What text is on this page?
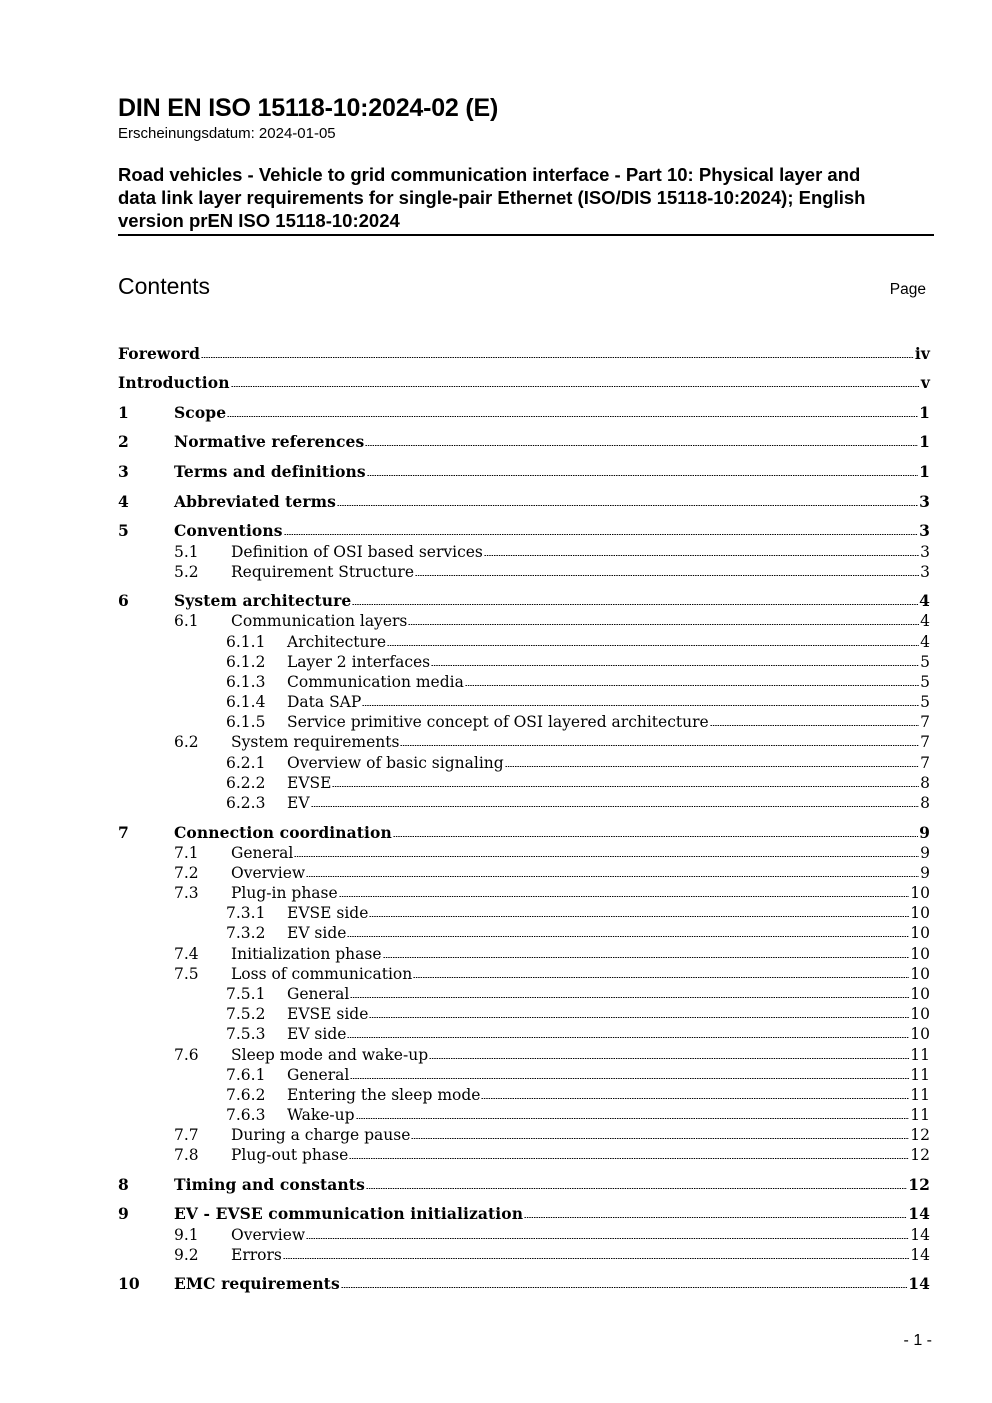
DIN EN ISO 15118-10:2024-02 (E)
Erscheinungsdatum: 2024-01-05
Road vehicles - Vehicle to grid communication interface - Part 10: Physical layer and
data link layer requirements for single-pair Ethernet (ISO/DIS 15118-10:2024); English
version prEN ISO 15118-10:2024
Contents	Page
Foreword	iv
Introduction	v
1	Scope	1
2	Normative references	1
3	Terms and definitions	1
4	Abbreviated terms	3
5	Conventions	3
5.1 Definition of OSI based services	3
5.2 Requirement Structure	3
6	System architecture	4
6.1 Communication layers	4
6.1.1 Architecture	4
6.1.2 Layer 2 interfaces	5
6.1.3 Communication media	5
6.1.4 Data SAP	5
6.1.5 Service primitive concept of OSI layered architecture	7
6.2 System requirements	7
6.2.1 Overview of basic signaling	7
6.2.2 EVSE	8
6.2.3 EV	8
7	Connection coordination	9
7.1 General	9
7.2 Overview	9
7.3 Plug-in phase	10
7.3.1 EVSE side	10
7.3.2 EV side	10
7.4 Initialization phase	10
7.5 Loss of communication	10
7.5.1 General	10
7.5.2 EVSE side	10
7.5.3 EV side	10
7.6 Sleep mode and wake-up	11
7.6.1 General	11
7.6.2 Entering the sleep mode	11
7.6.3 Wake-up	11
7.7 During a charge pause	12
7.8 Plug-out phase	12
8	Timing and constants	12
9	EV - EVSE communication initialization	14
9.1 Overview	14
9.2 Errors	14
10 EMC requirements	14
- 1 -
